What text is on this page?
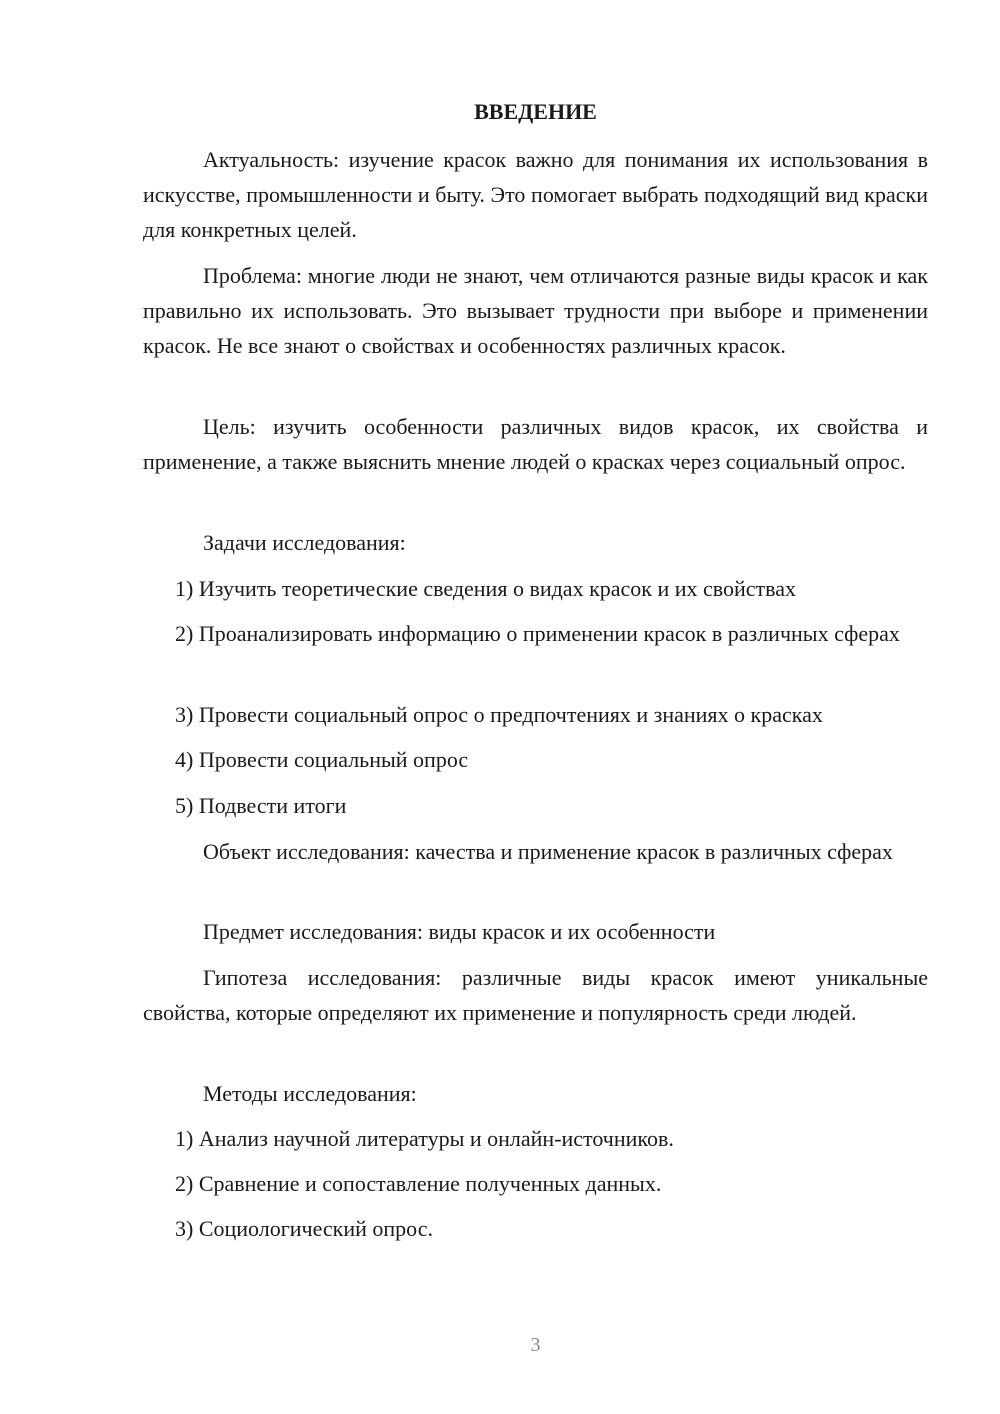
ВВЕДЕНИЕ

Актуальность: изучение красок важно для понимания их использования в искусстве, промышленности и быту. Это помогает выбрать подходящий вид краски для конкретных целей.

Проблема: многие люди не знают, чем отличаются разные виды красок и как правильно их использовать. Это вызывает трудности при выборе и применении красок. Не все знают о свойствах и особенностях различных красок.

Цель: изучить особенности различных видов красок, их свойства и применение, а также выяснить мнение людей о красках через социальный опрос.

Задачи исследования:

1) Изучить теоретические сведения о видах красок и их свойствах

2) Проанализировать информацию о применении красок в различных сферах

3) Провести социальный опрос о предпочтениях и знаниях о красках

4) Провести социальный опрос

5) Подвести итоги

Объект исследования: качества и применение красок в различных сферах

Предмет исследования: виды красок и их особенности

Гипотеза исследования: различные виды красок имеют уникальные свойства, которые определяют их применение и популярность среди людей.

Методы исследования:

1) Анализ научной литературы и онлайн-источников.

2) Сравнение и сопоставление полученных данных.

3) Социологический опрос.

3
